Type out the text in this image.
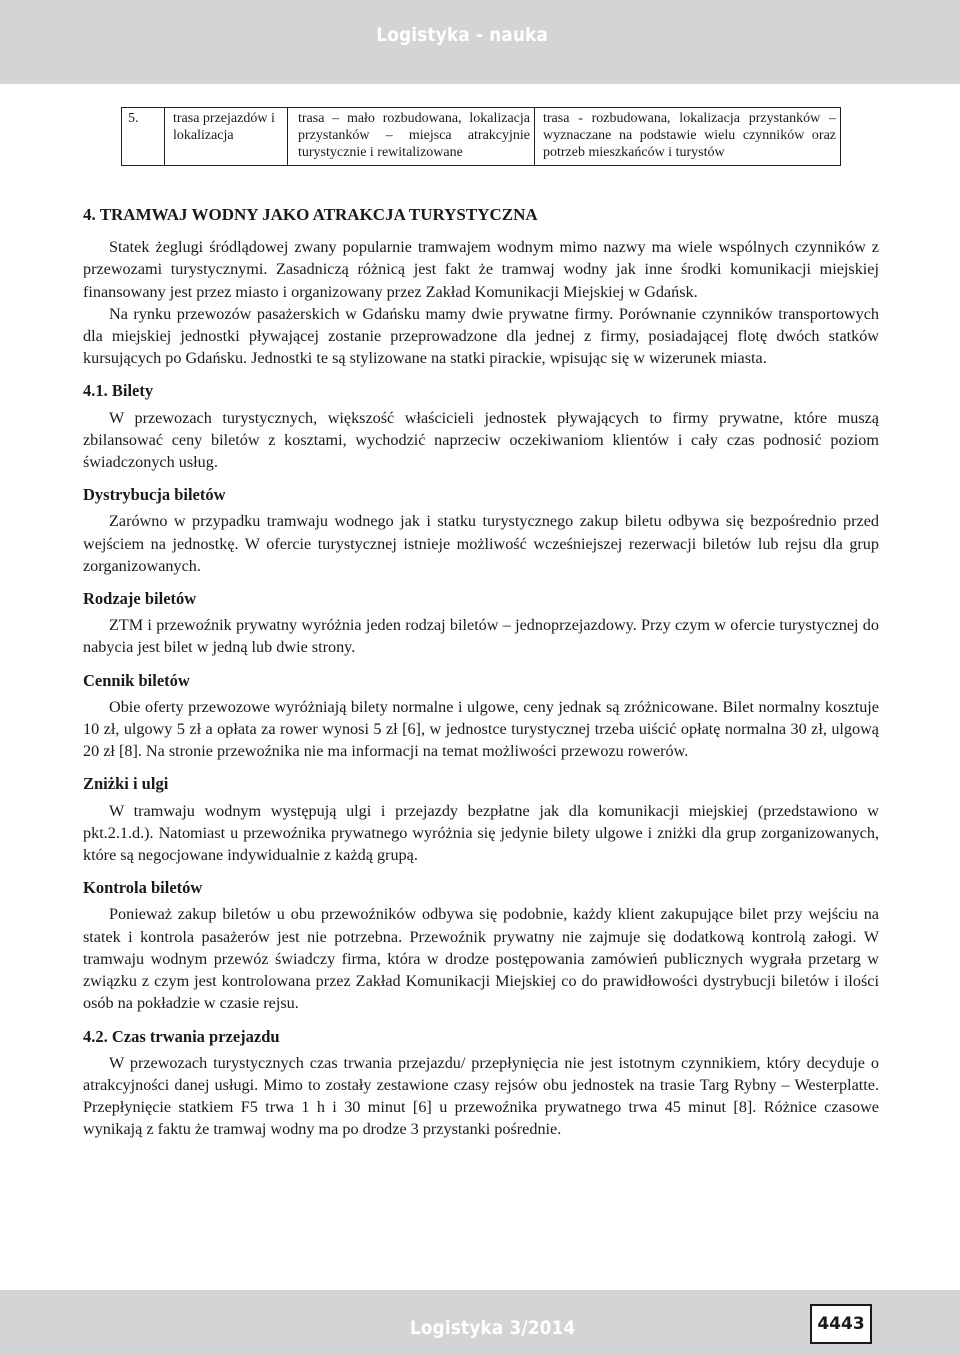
Logistyka - nauka
5.	trasa przejazdów i lokalizacja	trasa – mało rozbudowana, lokalizacja przystanków – miejsca atrakcyjnie turystycznie i rewitalizowane	trasa - rozbudowana, lokalizacja przystanków – wyznaczane na podstawie wielu czynników oraz potrzeb mieszkańców i turystów
4. TRAMWAJ WODNY JAKO ATRAKCJA TURYSTYCZNA

Statek żeglugi śródlądowej zwany popularnie tramwajem wodnym mimo nazwy ma wiele wspólnych czynników z przewozami turystycznymi. Zasadniczą różnicą jest fakt że tramwaj wodny jak inne środki komunikacji miejskiej finansowany jest przez miasto i organizowany przez Zakład Komunikacji Miejskiej w Gdańsk.

Na rynku przewozów pasażerskich w Gdańsku mamy dwie prywatne firmy. Porównanie czynników transportowych dla miejskiej jednostki pływającej zostanie przeprowadzone dla jednej z firmy, posiadającej flotę dwóch statków kursujących po Gdańsku. Jednostki te są stylizowane na statki pirackie, wpisując się w wizerunek miasta.

4.1. Bilety

W przewozach turystycznych, większość właścicieli jednostek pływających to firmy prywatne, które muszą zbilansować ceny biletów z kosztami, wychodzić naprzeciw oczekiwaniom klientów i cały czas podnosić poziom świadczonych usług.

Dystrybucja biletów

Zarówno w przypadku tramwaju wodnego jak i statku turystycznego zakup biletu odbywa się bezpośrednio przed wejściem na jednostkę. W ofercie turystycznej istnieje możliwość wcześniejszej rezerwacji biletów lub rejsu dla grup zorganizowanych.

Rodzaje biletów

ZTM i przewoźnik prywatny wyróżnia jeden rodzaj biletów – jednoprzejazdowy. Przy czym w ofercie turystycznej do nabycia jest bilet w jedną lub dwie strony.

Cennik biletów

Obie oferty przewozowe wyróżniają bilety normalne i ulgowe, ceny jednak są zróżnicowane. Bilet normalny kosztuje 10 zł, ulgowy 5 zł a opłata za rower wynosi 5 zł [6], w jednostce turystycznej trzeba uiścić opłatę normalna 30 zł, ulgową 20 zł [8]. Na stronie przewoźnika nie ma informacji na temat możliwości przewozu rowerów.

Zniżki i ulgi

W tramwaju wodnym występują ulgi i przejazdy bezpłatne jak dla komunikacji miejskiej (przedstawiono w pkt.2.1.d.). Natomiast u przewoźnika prywatnego wyróżnia się jedynie bilety ulgowe i zniżki dla grup zorganizowanych, które są negocjowane indywidualnie z każdą grupą.

Kontrola biletów

Ponieważ zakup biletów u obu przewoźników odbywa się podobnie, każdy klient zakupujące bilet przy wejściu na statek i kontrola pasażerów jest nie potrzebna. Przewoźnik prywatny nie zajmuje się dodatkową kontrolą załogi. W tramwaju wodnym przewóz świadczy firma, która w drodze postępowania zamówień publicznych wygrała przetarg w związku z czym jest kontrolowana przez Zakład Komunikacji Miejskiej co do prawidłowości dystrybucji biletów i ilości osób na pokładzie w czasie rejsu.

4.2. Czas trwania przejazdu

W przewozach turystycznych czas trwania przejazdu/ przepłynięcia nie jest istotnym czynnikiem, który decyduje o atrakcyjności danej usługi. Mimo to zostały zestawione czasy rejsów obu jednostek na trasie Targ Rybny – Westerplatte. Przepłynięcie statkiem F5 trwa 1 h i 30 minut [6] u przewoźnika prywatnego trwa 45 minut [8]. Różnice czasowe wynikają z faktu że tramwaj wodny ma po drodze 3 przystanki pośrednie.

Logistyka 3/2014	4443
